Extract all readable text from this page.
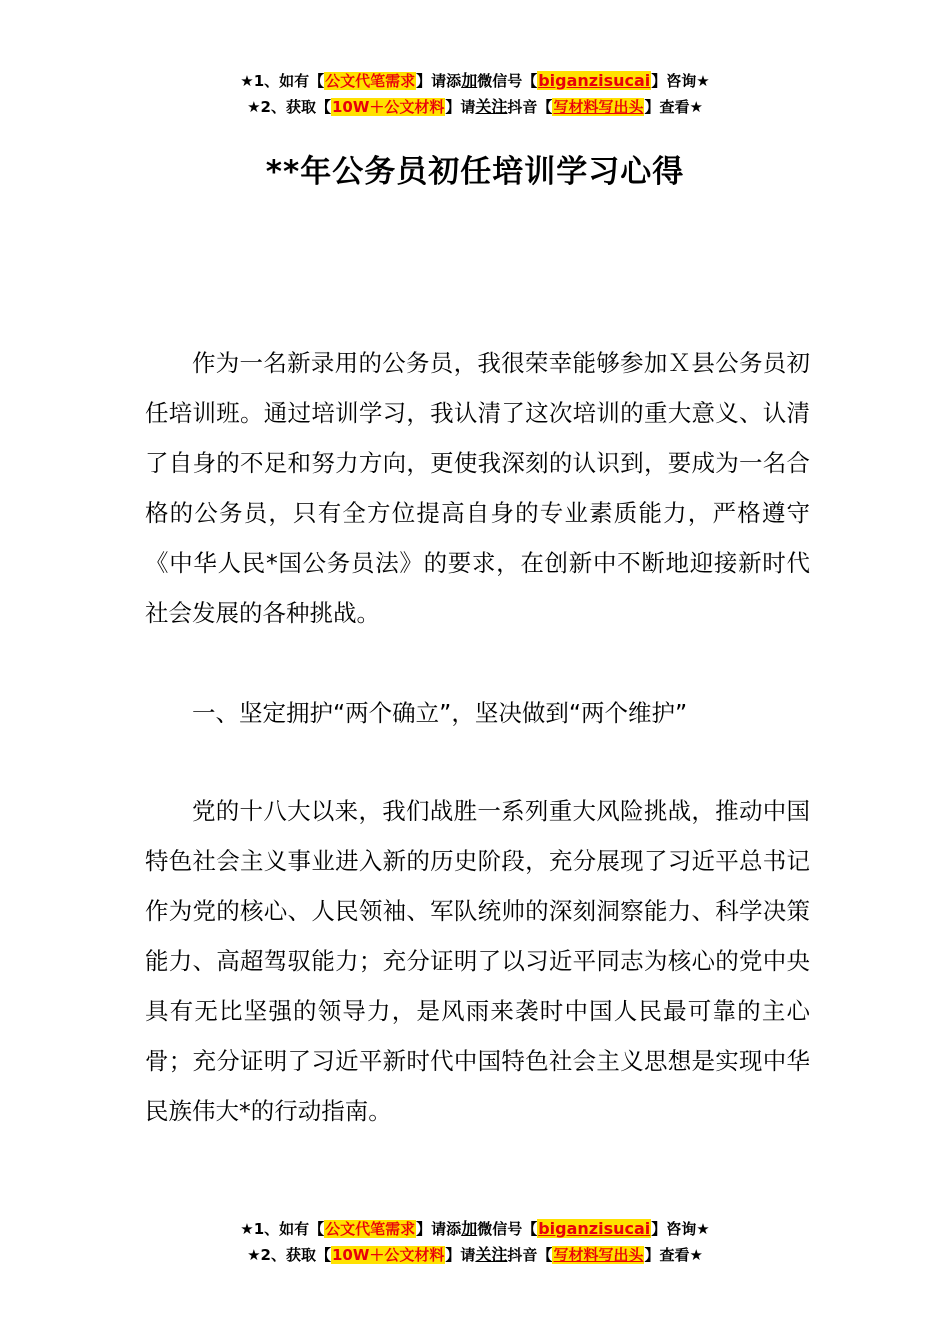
★1、如有【公文代笔需求】请添加微信号【biganzisucai】咨询★
★2、获取【10W＋公文材料】请关注抖音【写材料写出头】查看★
**年公务员初任培训学习心得

作为一名新录用的公务员，我很荣幸能够参加Ｘ县公务员初任培训班。通过培训学习，我认清了这次培训的重大意义、认清了自身的不足和努力方向，更使我深刻的认识到，要成为一名合格的公务员，只有全方位提高自身的专业素质能力，严格遵守《中华人民*国公务员法》的要求，在创新中不断地迎接新时代社会发展的各种挑战。

一、坚定拥护“两个确立”，坚决做到“两个维护”

党的十八大以来，我们战胜一系列重大风险挑战，推动中国特色社会主义事业进入新的历史阶段，充分展现了习近平总书记作为党的核心、人民领袖、军队统帅的深刻洞察能力、科学决策能力、高超驾驭能力；充分证明了以习近平同志为核心的党中央具有无比坚强的领导力，是风雨来袭时中国人民最可靠的主心骨；充分证明了习近平新时代中国特色社会主义思想是实现中华民族伟大*的行动指南。

★1、如有【公文代笔需求】请添加微信号【biganzisucai】咨询★
★2、获取【10W＋公文材料】请关注抖音【写材料写出头】查看★
